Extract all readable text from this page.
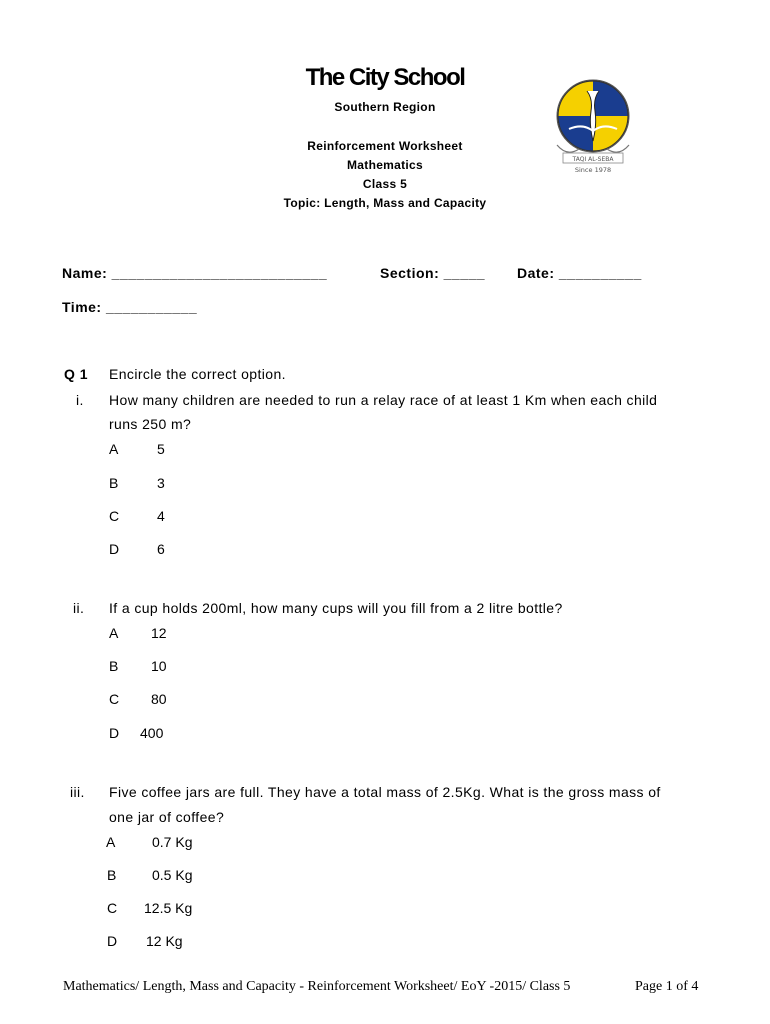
The City School
Southern Region
Reinforcement Worksheet
Mathematics
Class 5
Topic: Length, Mass and Capacity
TAQI AL-SEBA
Since 1978
Name: __________________________	Section: _____ Date: __________
Time: ___________
Q 1 Encircle the correct option.
i. How many children are needed to run a relay race of at least 1 Km when each child
runs 250 m?
A	5
B	3
C	4
D	6
ii. If a cup holds 200ml, how many cups will you fill from a 2 litre bottle?
A 12
B 10
C 80
D 400
iii. Five coffee jars are full. They have a total mass of 2.5Kg. What is the gross mass of
one jar of coffee?
A	0.7 Kg
B	0.5 Kg
C 12.5 Kg
D 12 Kg
Mathematics/ Length, Mass and Capacity - Reinforcement Worksheet/ EoY -2015/ Class 5	Page 1 of 4
